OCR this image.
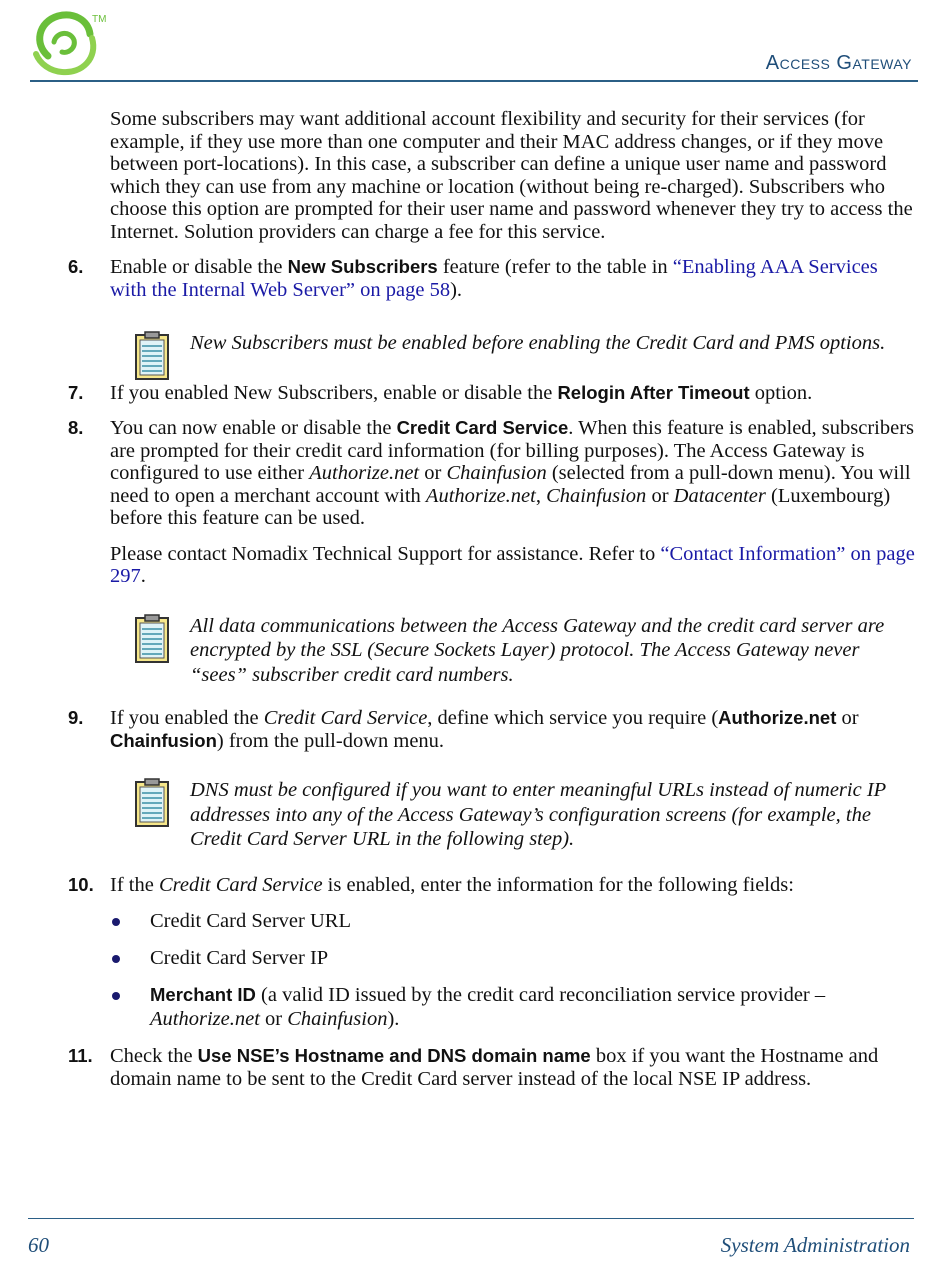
TM
Access Gateway

Some subscribers may want additional account flexibility and security for their services (for example, if they use more than one computer and their MAC address changes, or if they move between port-locations). In this case, a subscriber can define a unique user name and password which they can use from any machine or location (without being re-charged). Subscribers who choose this option are prompted for their user name and password whenever they try to access the Internet. Solution providers can charge a fee for this service.

6. Enable or disable the New Subscribers feature (refer to the table in “Enabling AAA Services with the Internal Web Server” on page 58).

New Subscribers must be enabled before enabling the Credit Card and PMS options.

7. If you enabled New Subscribers, enable or disable the Relogin After Timeout option.

8. You can now enable or disable the Credit Card Service. When this feature is enabled, subscribers are prompted for their credit card information (for billing purposes). The Access Gateway is configured to use either Authorize.net or Chainfusion (selected from a pull-down menu). You will need to open a merchant account with Authorize.net, Chainfusion or Datacenter (Luxembourg) before this feature can be used.

Please contact Nomadix Technical Support for assistance. Refer to “Contact Information” on page 297.

All data communications between the Access Gateway and the credit card server are encrypted by the SSL (Secure Sockets Layer) protocol. The Access Gateway never “sees” subscriber credit card numbers.

9. If you enabled the Credit Card Service, define which service you require (Authorize.net or Chainfusion) from the pull-down menu.

DNS must be configured if you want to enter meaningful URLs instead of numeric IP addresses into any of the Access Gateway’s configuration screens (for example, the Credit Card Server URL in the following step).

10. If the Credit Card Service is enabled, enter the information for the following fields:

Credit Card Server URL

Credit Card Server IP

Merchant ID (a valid ID issued by the credit card reconciliation service provider – Authorize.net or Chainfusion).

11. Check the Use NSE’s Hostname and DNS domain name box if you want the Hostname and domain name to be sent to the Credit Card server instead of the local NSE IP address.

60	System Administration
